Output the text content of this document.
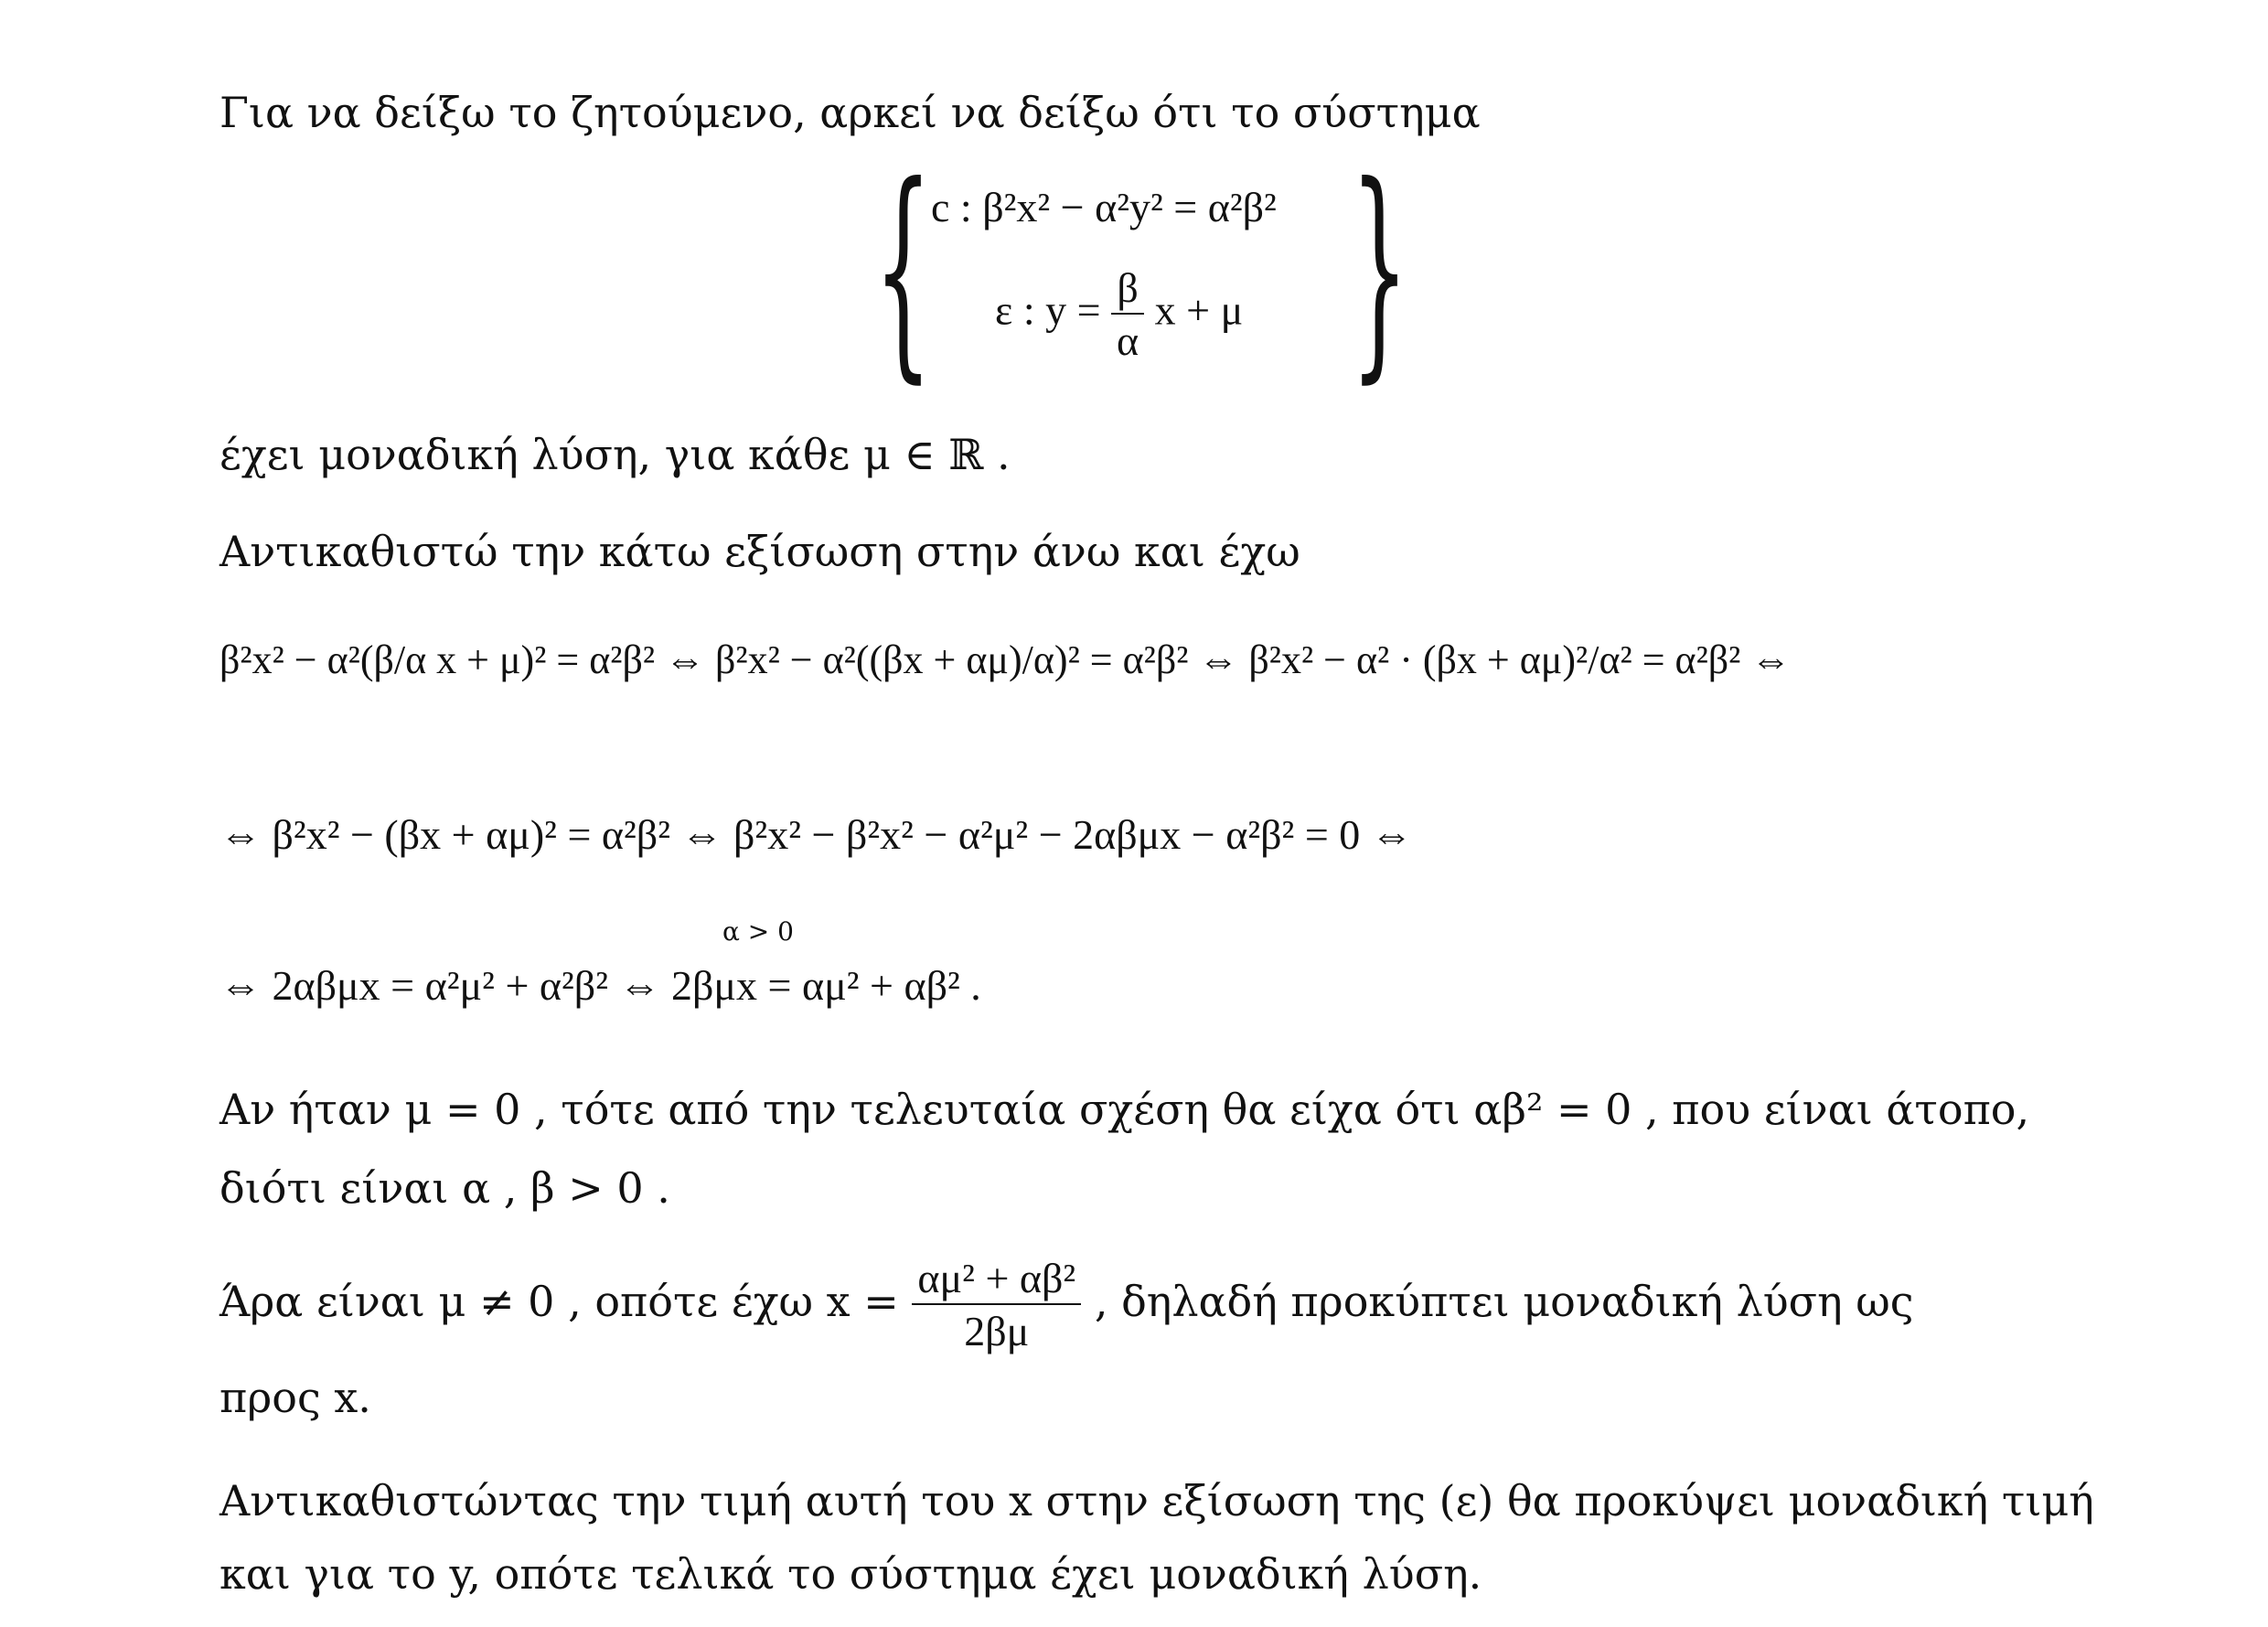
Για να δείξω το ζητούμενο, αρκεί να δείξω ότι το σύστημα
{ }
c : β²x² − α²y² = α²β²
ε : $y = \frac{\beta}{\alpha}$ x + μ
έχει μοναδική λύση, για κάθε μ ∈ ℝ .
Αντικαθιστώ την κάτω εξίσωση στην άνω και έχω
β²x² − α²(β/α x + μ)² = α²β² ⇔ β²x² − α²((βx + αμ)/α)² = α²β² ⇔ β²x² − α² · (βx + αμ)²/α² = α²β² ⇔
⇔ β²x² − (βx + αμ)² = α²β² ⇔ β²x² − β²x² − α²μ² − 2αβμx − α²β² = 0 ⇔
α > 0
⇔ 2αβμx = α²μ² + α²β² ⇔ 2βμx = αμ² + αβ² .
Αν ήταν μ = 0 , τότε από την τελευταία σχέση θα είχα ότι αβ² = 0 , που είναι άτοπο,
διότι είναι α , β > 0 .
Άρα είναι μ ≠ 0 , οπότε έχω $x = \frac{\text{αμ² + αβ²}}{2\beta\mu}$ , δηλαδή προκύπτει μοναδική λύση ως
προς x.
Αντικαθιστώντας την τιμή αυτή του x στην εξίσωση της (ε) θα προκύψει μοναδική τιμή
και για το y, οπότε τελικά το σύστημα έχει μοναδική λύση.
